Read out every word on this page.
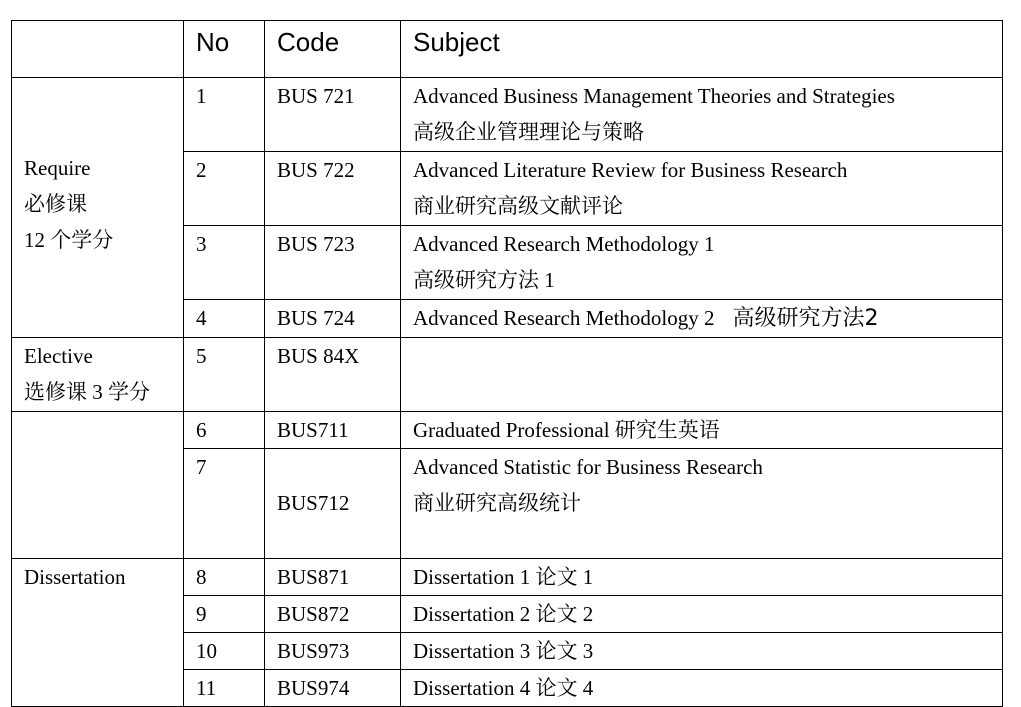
	No	Code	Subject

Require
必修课
12 个学分	1	BUS 721	Advanced Business Management Theories and Strategies
高级企业管理理论与策略

	2	BUS 722	Advanced Literature Review for Business Research
商业研究高级文献评论

	3	BUS 723	Advanced Research Methodology 1
高级研究方法 1

	4	BUS 724	Advanced Research Methodology 2 高级研究方法2

Elective
选修课 3 学分	5	BUS 84X	
	6	BUS711	Graduated Professional 研究生英语

	7	BUS712	Advanced Statistic for Business Research
商业研究高级统计

Dissertation	8	BUS871	Dissertation 1 论文 1

	9	BUS872	Dissertation 2 论文 2

	10	BUS973	Dissertation 3 论文 3

	11	BUS974	Dissertation 4 论文 4
